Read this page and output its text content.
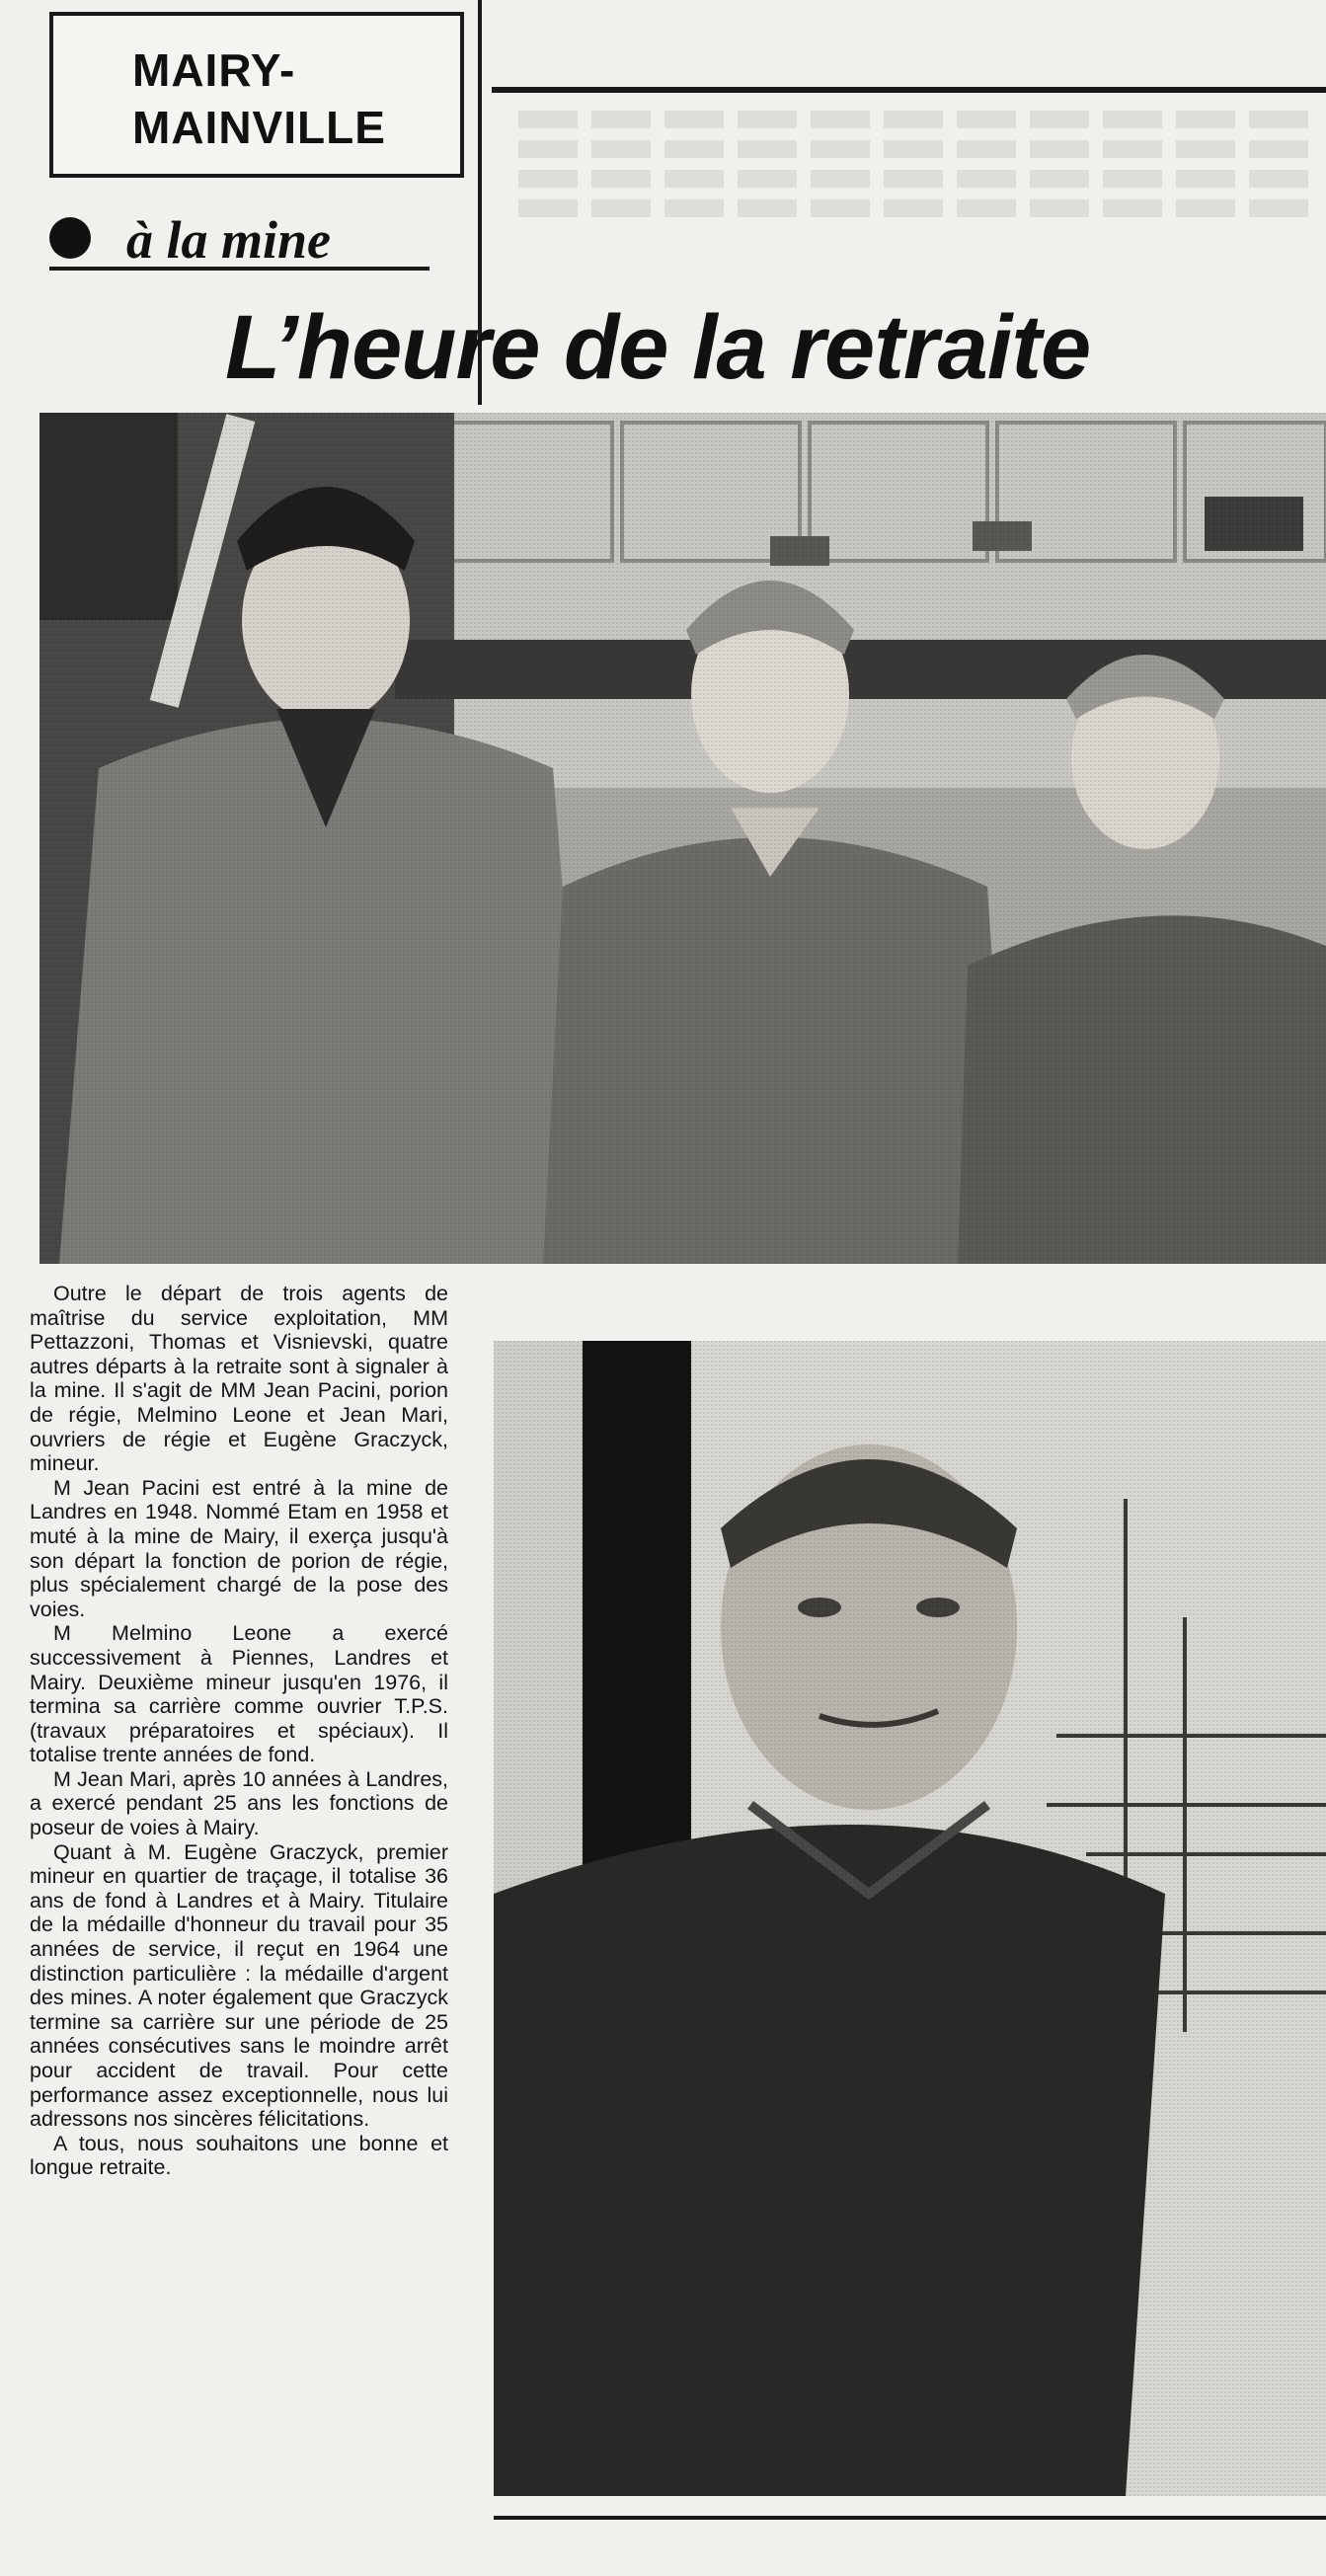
MAIRY-
MAINVILLE
à la mine
L’heure de la retraite

Outre le départ de trois agents de maîtrise du service exploitation, MM Pettazzoni, Thomas et Visnievski, quatre autres départs à la retraite sont à signaler à la mine. Il s'agit de MM Jean Pacini, porion de régie, Melmino Leone et Jean Mari, ouvriers de régie et Eugène Graczyck, mineur.

M Jean Pacini est entré à la mine de Landres en 1948. Nommé Etam en 1958 et muté à la mine de Mairy, il exerça jusqu'à son départ la fonction de porion de régie, plus spécialement chargé de la pose des voies.

M Melmino Leone a exercé successivement à Piennes, Landres et Mairy. Deuxième mineur jusqu'en 1976, il termina sa carrière comme ouvrier T.P.S. (travaux préparatoires et spéciaux). Il totalise trente années de fond.

M Jean Mari, après 10 années à Landres, a exercé pendant 25 ans les fonctions de poseur de voies à Mairy.

Quant à M. Eugène Graczyck, premier mineur en quartier de traçage, il totalise 36 ans de fond à Landres et à Mairy. Titulaire de la médaille d'honneur du travail pour 35 années de service, il reçut en 1964 une distinction particulière : la médaille d'argent des mines. A noter également que Graczyck termine sa carrière sur une période de 25 années consécutives sans le moindre arrêt pour accident de travail. Pour cette performance assez exceptionnelle, nous lui adressons nos sincères félicitations.

A tous, nous souhaitons une bonne et longue retraite.
